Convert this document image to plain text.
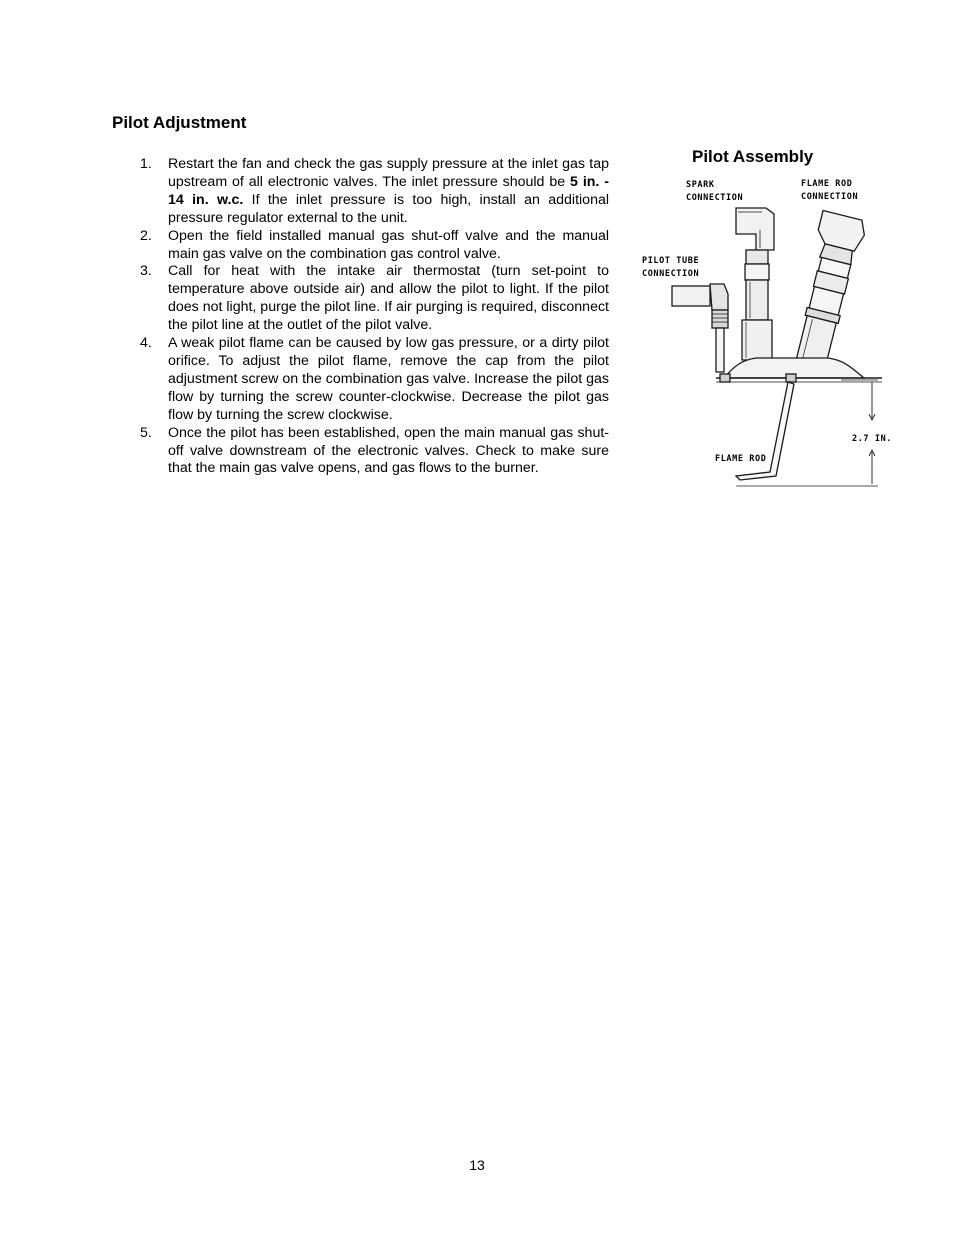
Pilot Adjustment
1. Restart the fan and check the gas supply pressure at the inlet gas tap upstream of all electronic valves. The inlet pressure should be 5 in. - 14 in. w.c. If the inlet pressure is too high, install an additional pressure regulator external to the unit.
2. Open the field installed manual gas shut-off valve and the manual main gas valve on the combination gas control valve.
3. Call for heat with the intake air thermostat (turn set-point to temperature above outside air) and allow the pilot to light. If the pilot does not light, purge the pilot line. If air purging is required, disconnect the pilot line at the outlet of the pilot valve.
4. A weak pilot flame can be caused by low gas pressure, or a dirty pilot orifice. To adjust the pilot flame, remove the cap from the pilot adjustment screw on the combination gas valve. Increase the pilot gas flow by turning the screw counter-clockwise. Decrease the pilot gas flow by turning the screw clockwise.
5. Once the pilot has been established, open the main manual gas shut-off valve downstream of the electronic valves. Check to make sure that the main gas valve opens, and gas flows to the burner.
Pilot Assembly
SPARK
CONNECTION
FLAME ROD
CONNECTION
PILOT TUBE
CONNECTION
FLAME ROD
2.7 IN.
13
